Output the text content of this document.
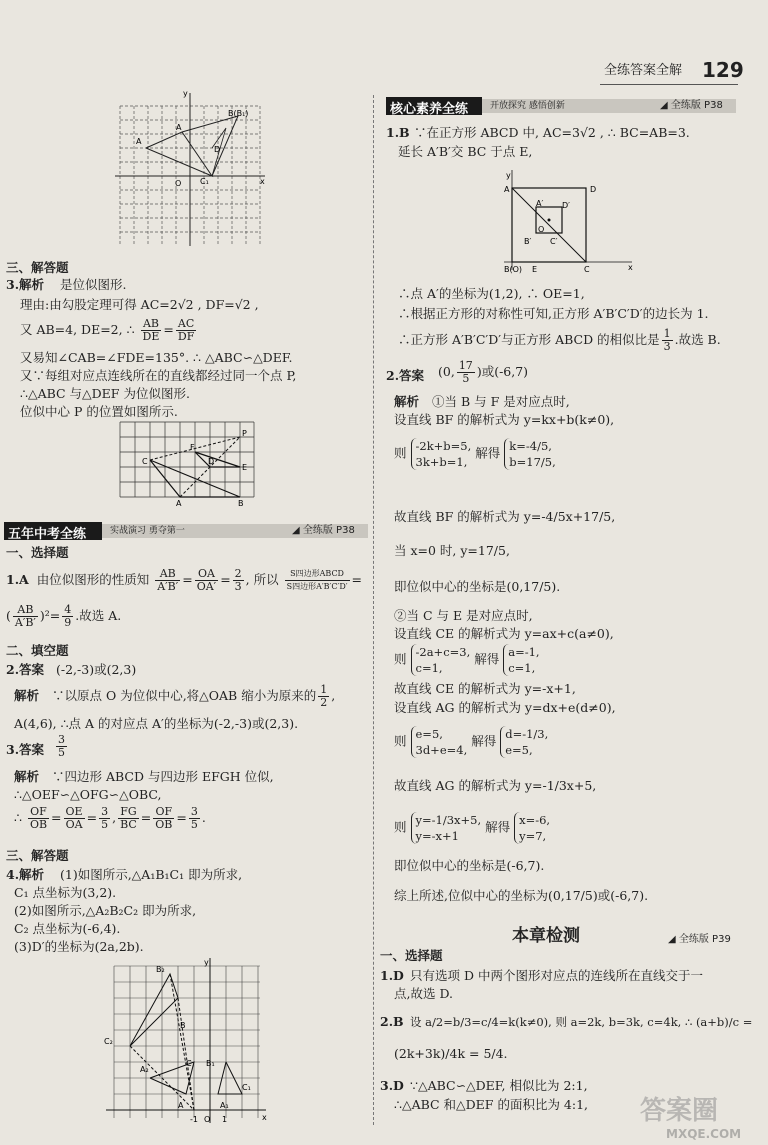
全练答案全解 129
y
x
O
A
A
B(B₁)
D
C₁
三、解答题
3.解析 是位似图形.
理由:由勾股定理可得 AC=2√2 , DF=√2 ,
又 AB=4, DE=2, ∴ $\frac{AB}{DE} = \frac{AC}{DF}$
又易知∠CAB=∠FDE=135°. ∴ △ABC∽△DEF.
又∵每组对应点连线所在的直线都经过同一个点 P,
∴△ABC 与△DEF 为位似图形.
位似中心 P 的位置如图所示.
C
A	B
F
D
E
P
五年中考全练	实战演习 勇夺第一	◢ 全练版 P38
一、选择题
1.A 由位似图形的性质知 $\frac{AB}{A'B'} = \frac{OA}{OA'} = \frac{2}{3}$ , 所以 $\frac{\text{S四边形ABCD}}{\text{S四边形A′B′C′D′}}$ =
( $\frac{AB}{A'B'} )^2= \frac{4}{9}$ .故选 A.
二、填空题
2.答案 (-2,-3)或(2,3)
解析 ∵以原点 O 为位似中心,将△OAB 缩小为原来的 $\frac{1}{2}$ ,
A(4,6), ∴点 A 的对应点 A′的坐标为(-2,-3)或(2,3).
3.答案 $\frac{3}{5}$
解析 ∵四边形 ABCD 与四边形 EFGH 位似,
∴△OEF∽△OFG∽△OBC,
∴ $\frac{OF}{OB} = \frac{OE}{OA} = \frac{3}{5}$ , $\frac{FG}{BC} = \frac{OF}{OB} = \frac{3}{5}$ .
三、解答题
4.解析 (1)如图所示,△A₁B₁C₁ 即为所求,
C₁ 点坐标为(3,2).
(2)如图所示,△A₂B₂C₂ 即为所求,
C₂ 点坐标为(-6,4).
(3)D′的坐标为(2a,2b).
y
x
B₂
C₂
B
A₂
C B₁
C₁
A₁
A
-1 O 1
核心素养全练 开放探究 感悟创新	◢ 全练版 P38
1.B ∵在正方形 ABCD 中, AC=3√2 , ∴ BC=AB=3.
延长 A′B′交 BC 于点 E,
y
x
A	D
A′ D′
O
B′ C′
B(O) E	C
∴点 A′的坐标为(1,2), ∴ OE=1,
∴根据正方形的对称性可知,正方形 A′B′C′D′的边长为 1.
∴正方形 A′B′C′D′与正方形 ABCD 的相似比是 $\frac{1}{3}$ .故选 B.
2.答案 (0, $\frac{17}{5}$ )或(-6,7)
解析 ①当 B 与 F 是对应点时,
设直线 BF 的解析式为 y=kx+b(k≠0),
则 -2k+b=5,
3k+b=1, 解得 k=-4/5,
b=17/5,
故直线 BF 的解析式为 y=-4/5x+17/5,
当 x=0 时, y=17/5,
即位似中心的坐标是(0,17/5).
②当 C 与 E 是对应点时,
设直线 CE 的解析式为 y=ax+c(a≠0),
则 -2a+c=3,
c=1, 解得 a=-1,
c=1,
故直线 CE 的解析式为 y=-x+1,
设直线 AG 的解析式为 y=dx+e(d≠0),
则 e=5,
3d+e=4, 解得 d=-1/3,
e=5,
故直线 AG 的解析式为 y=-1/3x+5,
则 y=-1/3x+5,
y=-x+1 解得 x=-6,
y=7,
即位似中心的坐标是(-6,7).
综上所述,位似中心的坐标为(0,17/5)或(-6,7).
本章检测	◢ 全练版 P39
一、选择题
1.D 只有选项 D 中两个图形对应点的连线所在直线交于一
点,故选 D.
2.B 设 a/2=b/3=c/4=k(k≠0), 则 a=2k, b=3k, c=4k, ∴ (a+b)/c =
(2k+3k)/4k = 5/4.
3.D ∵△ABC∽△DEF, 相似比为 2:1,
∴△ABC 和△DEF 的面积比为 4:1, 答案圈
MXQE.COM
